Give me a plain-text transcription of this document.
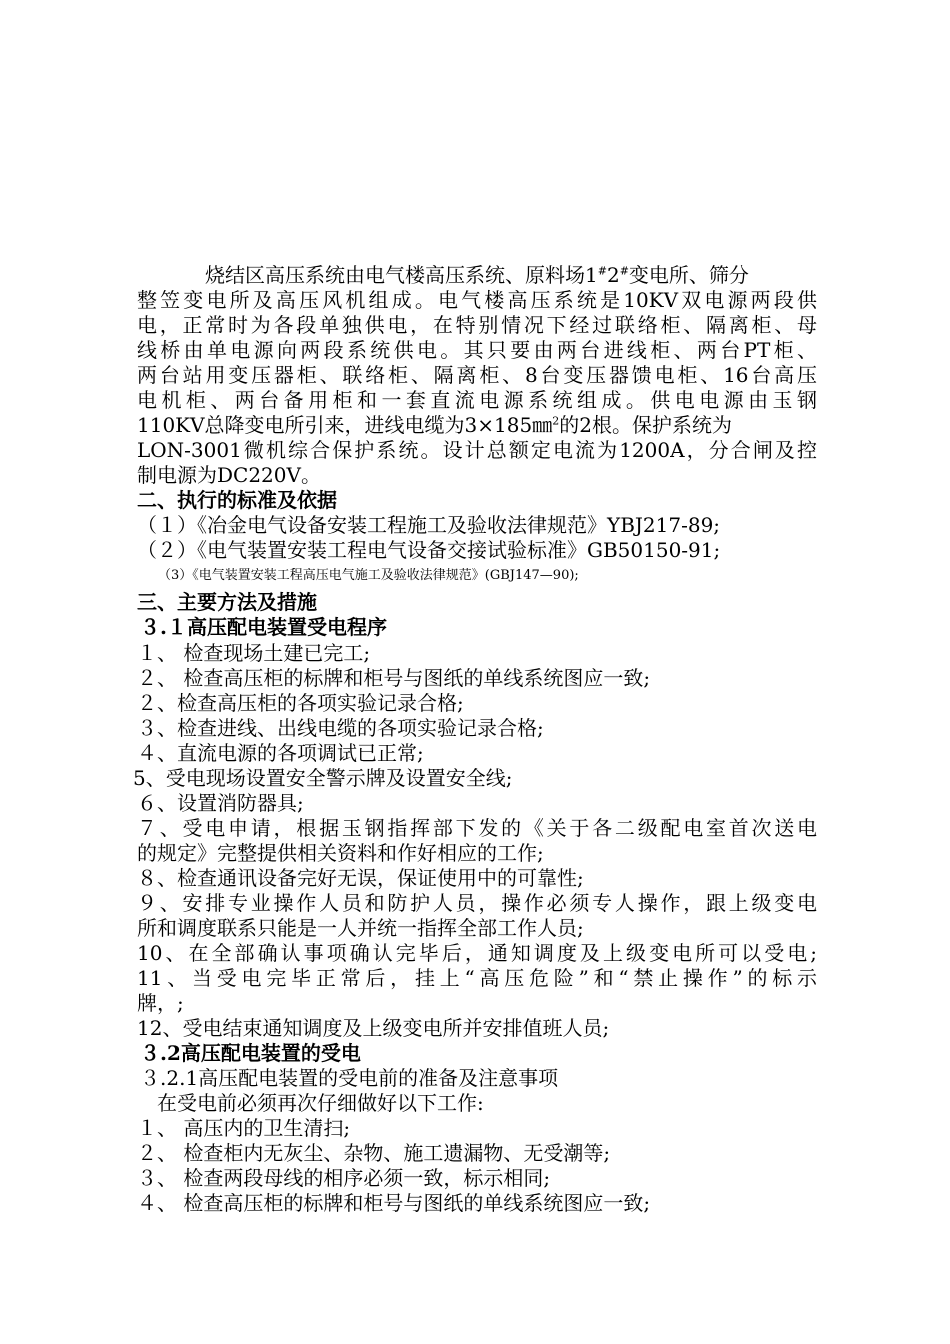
烧结区高压系统由电气楼高压系统、原料场1#2#变电所、筛分
整笠变电所及高压风机组成。电气楼高压系统是10KV双电源两段供
电，正常时为各段单独供电，在特别情况下经过联络柜、隔离柜、母
线桥由单电源向两段系统供电。其只要由两台进线柜、两台PT柜、
两台站用变压器柜、联络柜、隔离柜、8台变压器馈电柜、16台高压
电机柜、两台备用柜和一套直流电源系统组成。供电电源由玉钢
110KV总降变电所引来，进线电缆为3×185㎜$^2$的2根。保护系统为
LON-3001微机综合保护系统。设计总额定电流为1200A，分合闸及控
制电源为DC220V。
二、执行的标准及依据
（１）《冶金电气设备安装工程施工及验收法律规范》YBJ217-89;
（２）《电气装置安装工程电气设备交接试验标准》GB50150-91;
（3）《电气装置安装工程高压电气施工及验收法律规范》(GBJ147—90);
三、主要方法及措施
３.１高压配电装置受电程序
１、 检查现场土建已完工;
２、 检查高压柜的标牌和柜号与图纸的单线系统图应一致;
２、检查高压柜的各项实验记录合格;
３、检查进线、出线电缆的各项实验记录合格;
４、直流电源的各项调试已正常;
5、受电现场设置安全警示牌及设置安全线;
６、设置消防器具;
７、受电申请，根据玉钢指挥部下发的《关于各二级配电室首次送电
的规定》完整提供相关资料和作好相应的工作;
８、检查通讯设备完好无误，保证使用中的可靠性;
９、安排专业操作人员和防护人员，操作必须专人操作，跟上级变电
所和调度联系只能是一人并统一指挥全部工作人员;
10、在全部确认事项确认完毕后，通知调度及上级变电所可以受电;
11、当受电完毕正常后，挂上“高压危险”和“禁止操作”的标示
牌，;
12、受电结束通知调度及上级变电所并安排值班人员;
３.2高压配电装置的受电
３.2.1高压配电装置的受电前的准备及注意事项
在受电前必须再次仔细做好以下工作:
１、 高压内的卫生清扫;
２、 检查柜内无灰尘、杂物、施工遗漏物、无受潮等;
３、 检查两段母线的相序必须一致，标示相同;
４、 检查高压柜的标牌和柜号与图纸的单线系统图应一致;
